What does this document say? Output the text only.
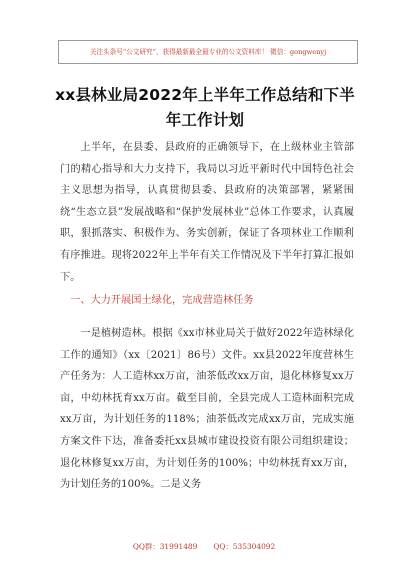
关注头条号“公文研究”，获得最新最全最专业的公文资料库！ 微信：gongwenyj
xx县林业局2022年上半年工作总结和下半年工作计划

上半年，在县委、县政府的正确领导下，在上级林业主管部门的精心指导和大力支持下，我局以习近平新时代中国特色社会主义思想为指导，认真贯彻县委、县政府的决策部署，紧紧围绕“生态立县”发展战略和“保护发展林业”总体工作要求，认真履职，狠抓落实、积极作为、务实创新，保证了各项林业工作顺利有序推进。现将2022年上半年有关工作情况及下半年打算汇报如下。

一、大力开展国土绿化，完成营造林任务

一是植树造林。根据《xx市林业局关于做好2022年造林绿化工作的通知》（xx〔2021〕86号）文件。xx县2022年度营林生产任务为：人工造林xx万亩，油茶低改xx万亩，退化林修复xx万亩，中幼林抚育xx万亩。截至目前，全县完成人工造林面积完成xx万亩，为计划任务的118%；油茶低改完成xx万亩，完成实施方案文件下达，准备委托xx县城市建设投资有限公司组织建设；退化林修复xx万亩，为计划任务的100%；中幼林抚育xx万亩，为计划任务的100%。二是义务

QQ群：31991489 QQ：535304092
